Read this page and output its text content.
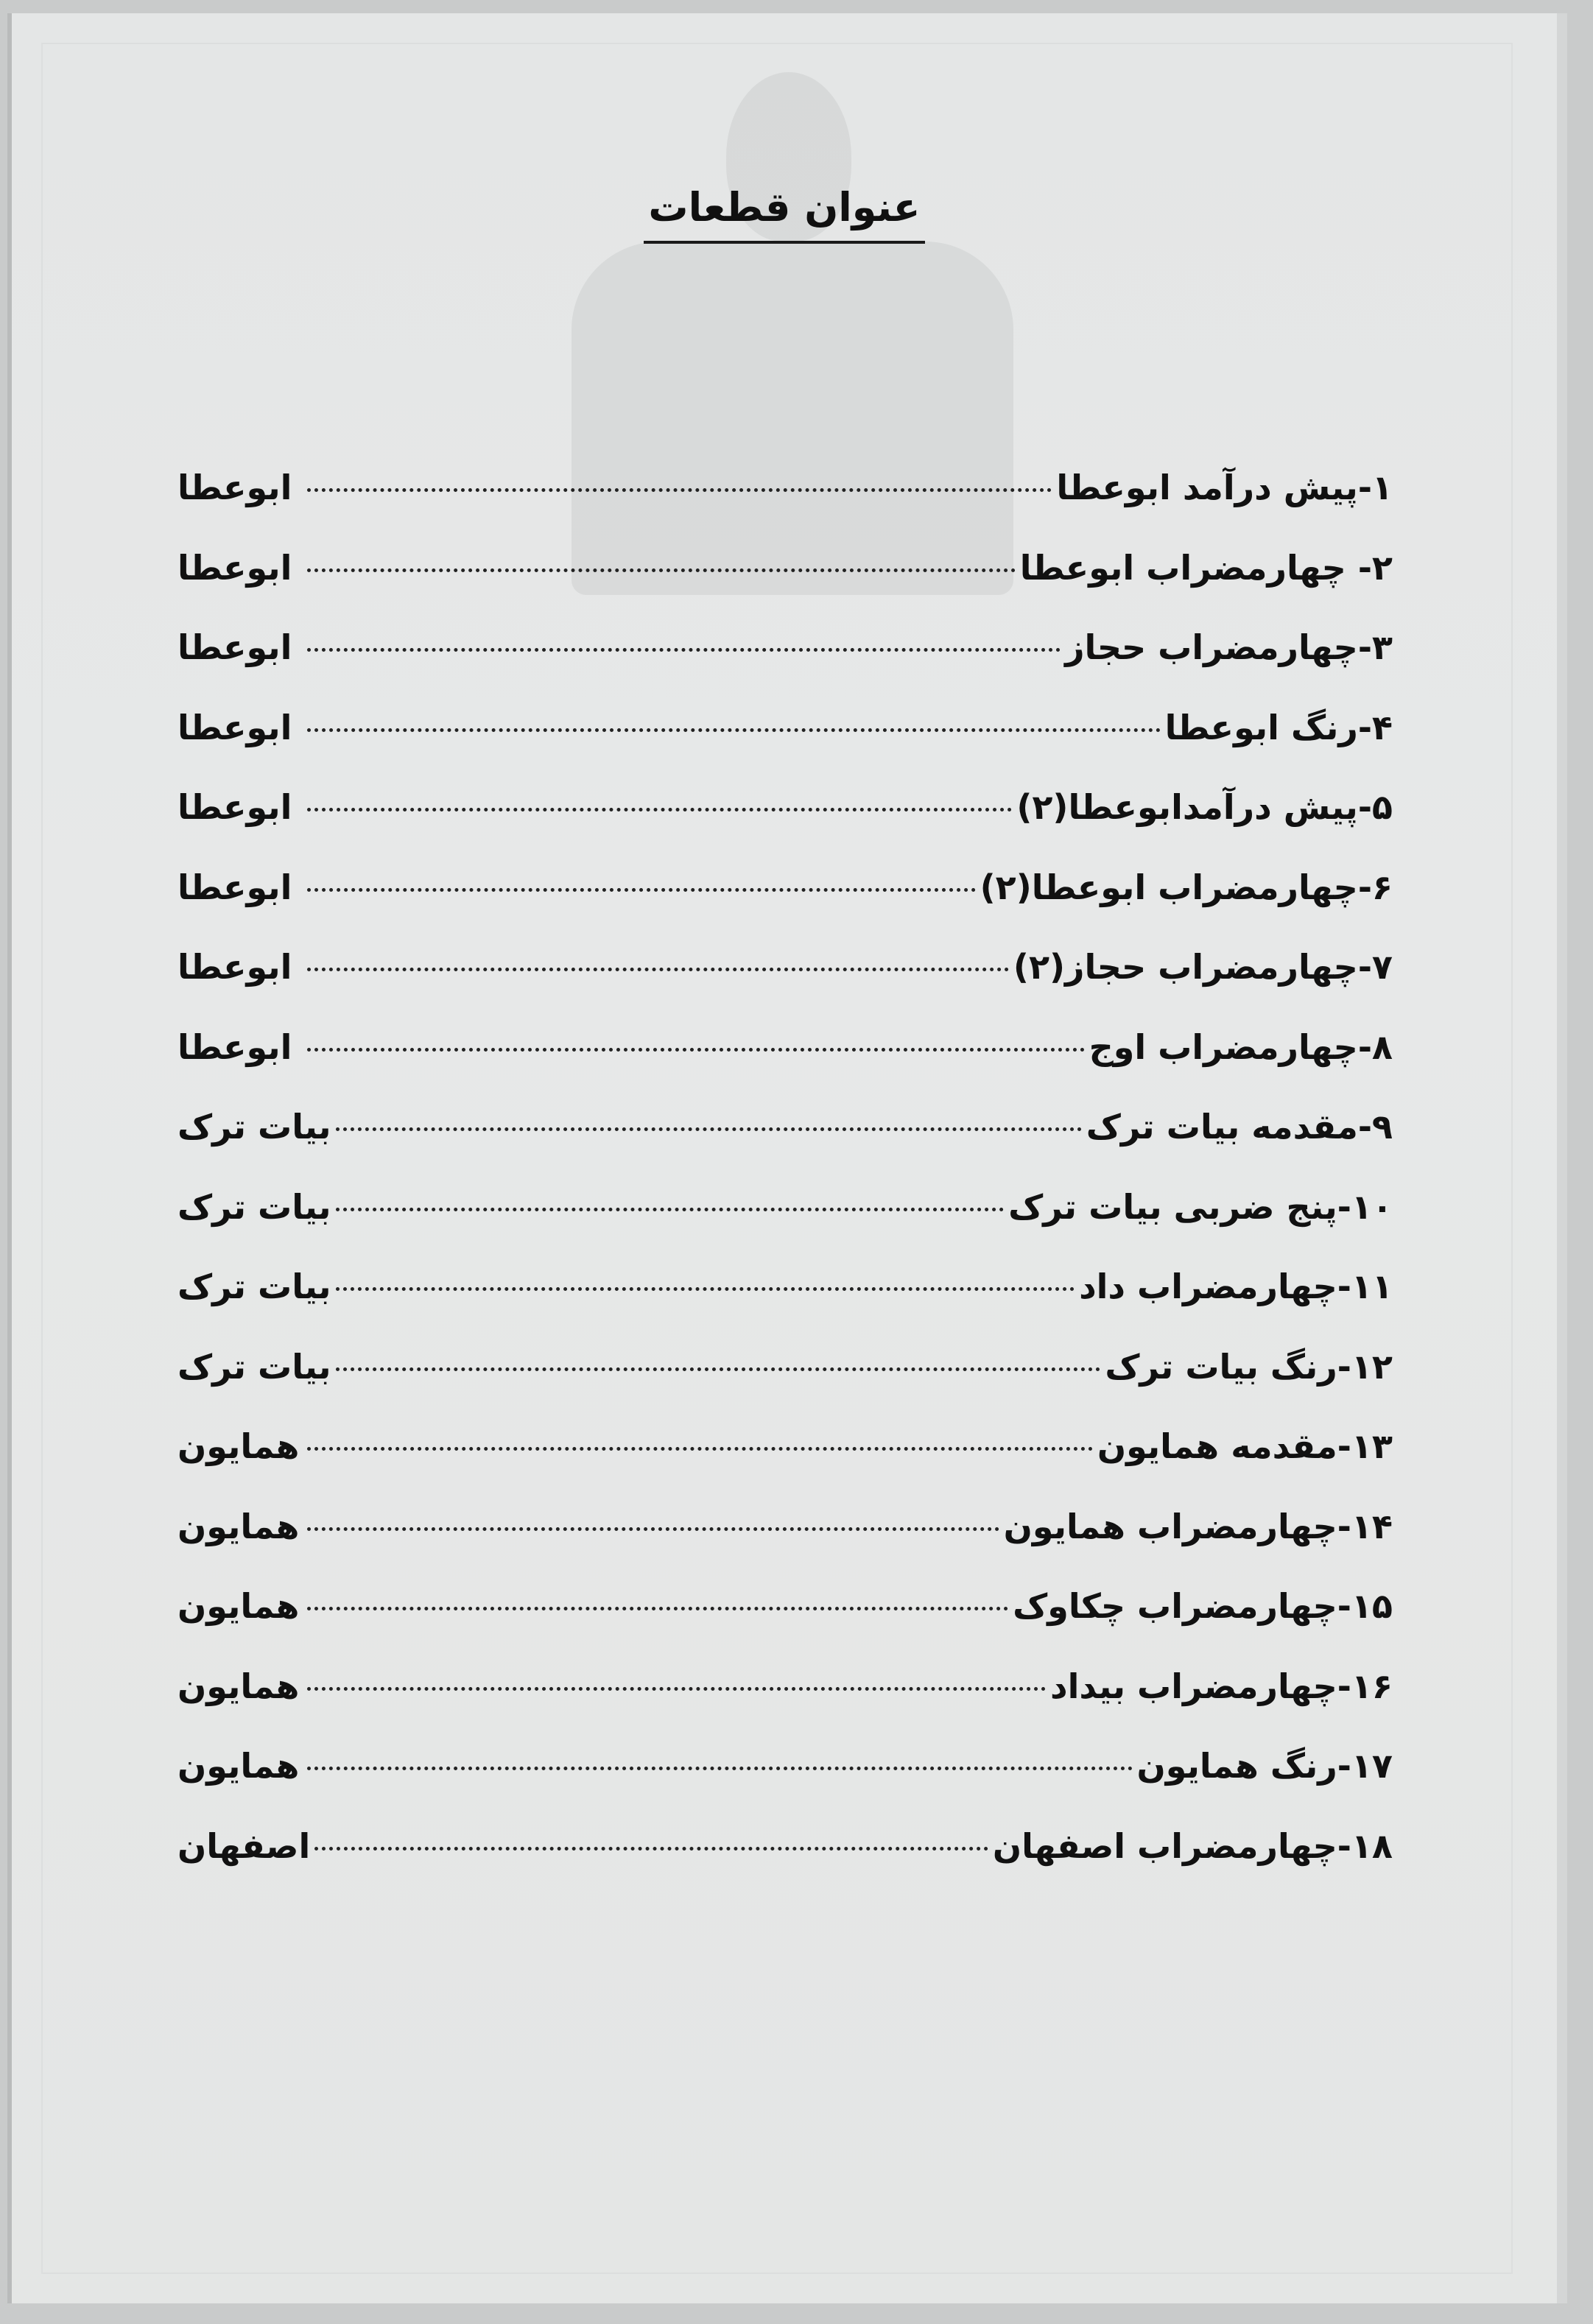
عنوان قطعات
۱-پیش درآمد ابوعطا
ابوعطا
۲- چهارمضراب ابوعطا
ابوعطا
۳-چهارمضراب حجاز
ابوعطا
۴-رنگ ابوعطا
ابوعطا
۵-پیش درآمدابوعطا(۲)
ابوعطا
۶-چهارمضراب ابوعطا(۲)
ابوعطا
۷-چهارمضراب حجاز(۲)
ابوعطا
۸-چهارمضراب اوج
ابوعطا
۹-مقدمه بیات ترک
بیات ترک
۱۰-پنج ضربی بیات ترک
بیات ترک
۱۱-چهارمضراب داد
بیات ترک
۱۲-رنگ بیات ترک
بیات ترک
۱۳-مقدمه همایون
همایون
۱۴-چهارمضراب همایون
همایون
۱۵-چهارمضراب چکاوک
همایون
۱۶-چهارمضراب بیداد
همایون
۱۷-رنگ همایون
همایون
۱۸-چهارمضراب اصفهان
اصفهان
